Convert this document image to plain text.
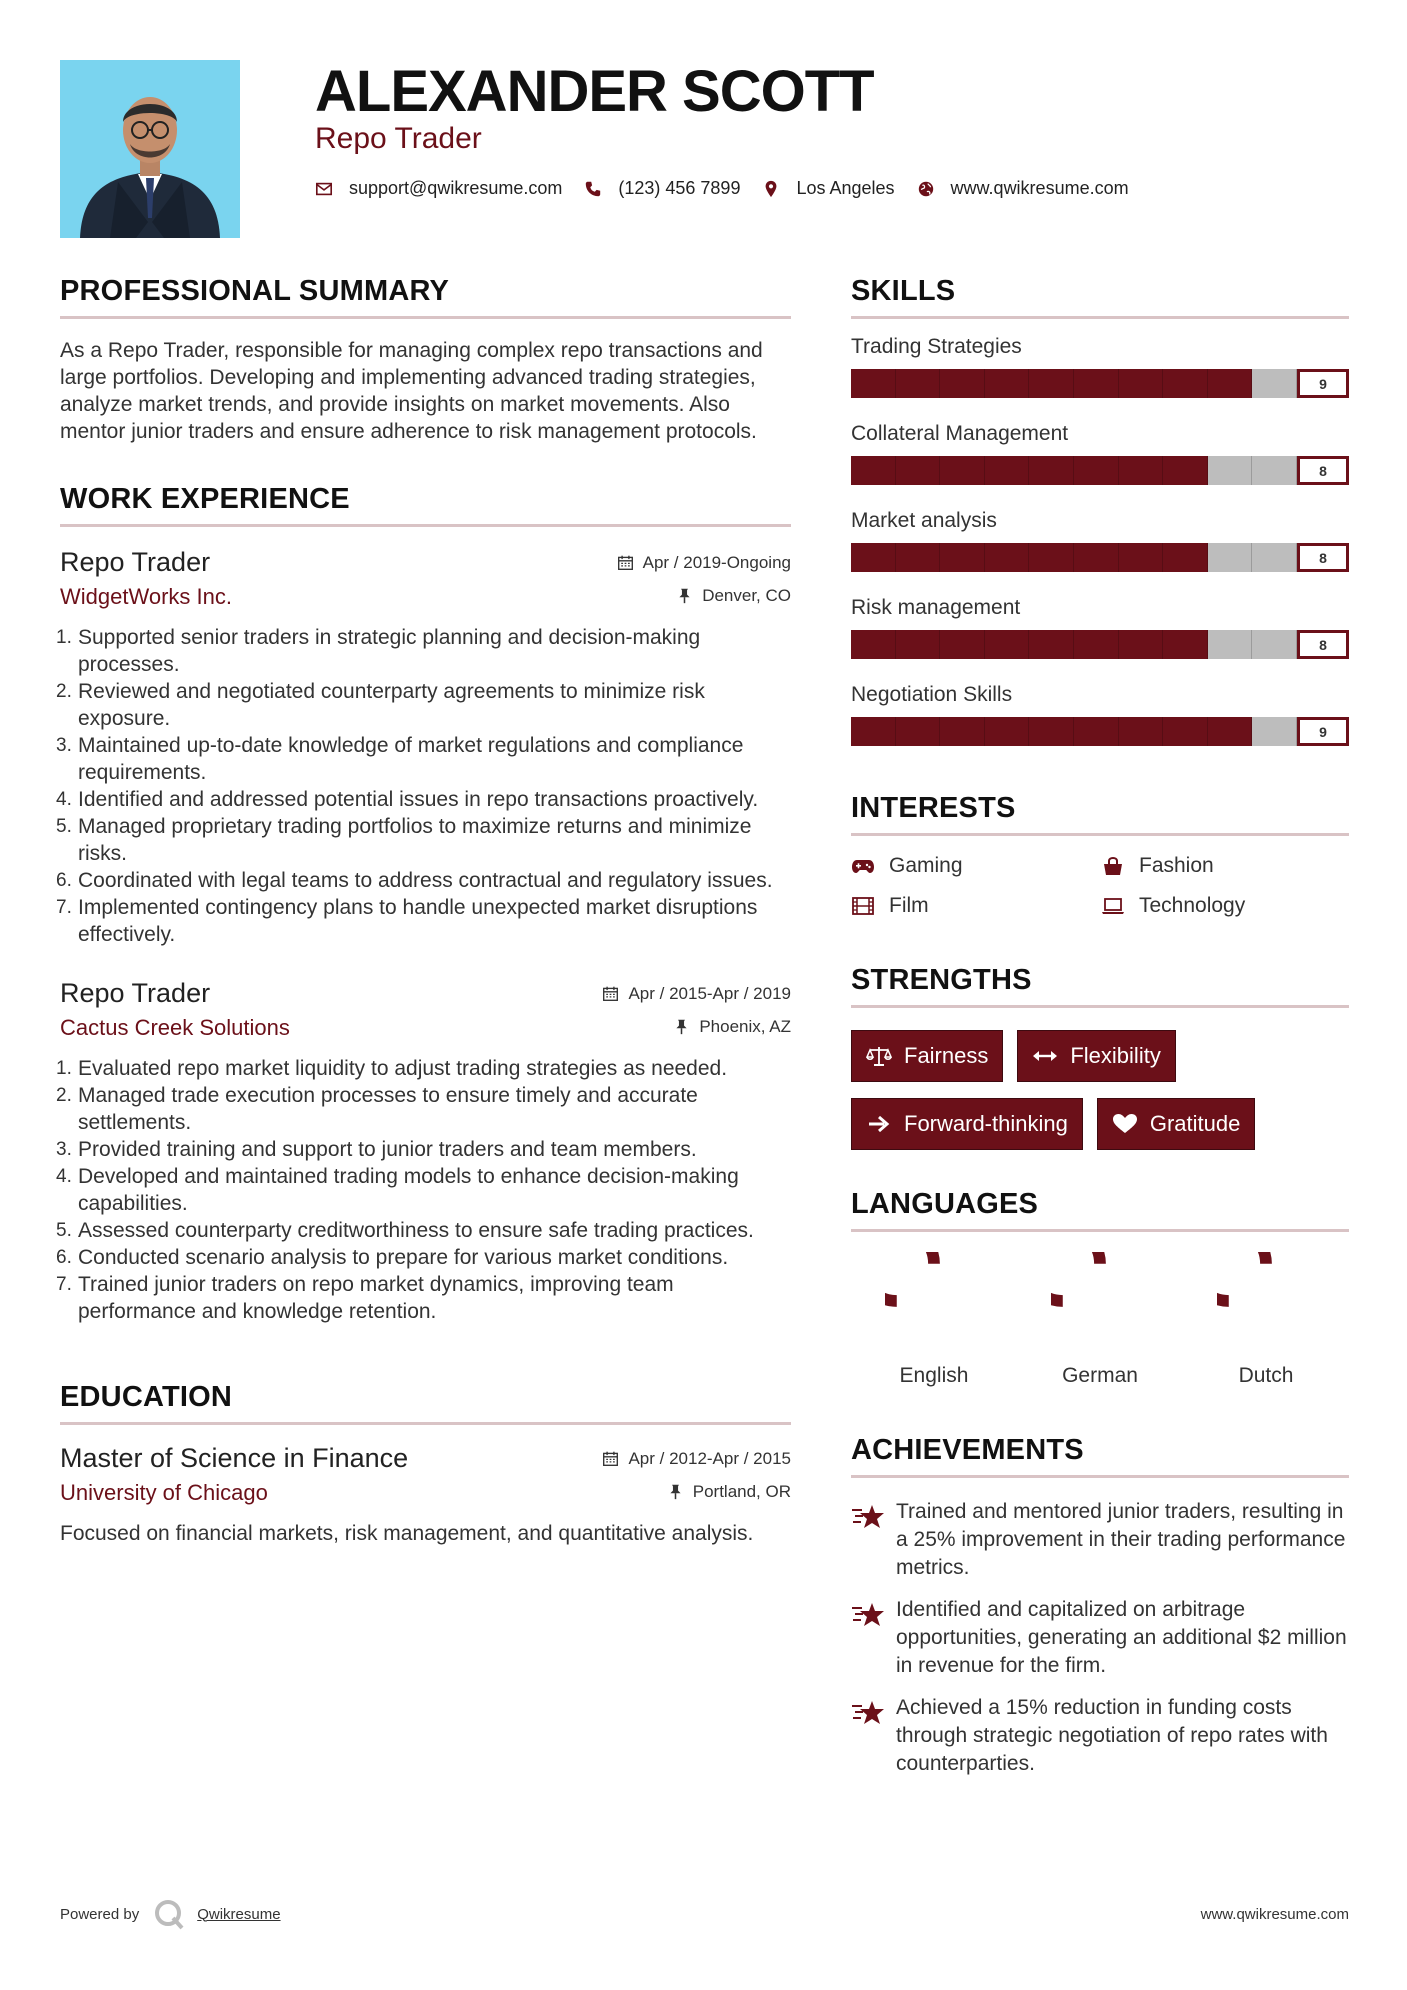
ALEXANDER SCOTT
Repo Trader
support@qwikresume.com	(123) 456 7899	Los Angeles	www.qwikresume.com
PROFESSIONAL SUMMARY

As a Repo Trader, responsible for managing complex repo transactions and large portfolios. Developing and implementing advanced trading strategies, analyze market trends, and provide insights on market movements. Also mentor junior traders and ensure adherence to risk management protocols.

WORK EXPERIENCE
Repo Trader	Apr / 2019-Ongoing
WidgetWorks Inc.	Denver, CO
1. Supported senior traders in strategic planning and decision-making processes.
2. Reviewed and negotiated counterparty agreements to minimize risk exposure.
3. Maintained up-to-date knowledge of market regulations and compliance requirements.
4. Identified and addressed potential issues in repo transactions proactively.
5. Managed proprietary trading portfolios to maximize returns and minimize risks.
6. Coordinated with legal teams to address contractual and regulatory issues.
7. Implemented contingency plans to handle unexpected market disruptions effectively.
Repo Trader	Apr / 2015-Apr / 2019
Cactus Creek Solutions	Phoenix, AZ
1. Evaluated repo market liquidity to adjust trading strategies as needed.
2. Managed trade execution processes to ensure timely and accurate settlements.
3. Provided training and support to junior traders and team members.
4. Developed and maintained trading models to enhance decision-making capabilities.
5. Assessed counterparty creditworthiness to ensure safe trading practices.
6. Conducted scenario analysis to prepare for various market conditions.
7. Trained junior traders on repo market dynamics, improving team performance and knowledge retention.
EDUCATION
Master of Science in Finance	Apr / 2012-Apr / 2015
University of Chicago	Portland, OR

Focused on financial markets, risk management, and quantitative analysis.

SKILLS
Trading Strategies
9
Collateral Management
8
Market analysis
8
Risk management
8
Negotiation Skills
9
INTERESTS
Gaming	Fashion
Film	Technology
STRENGTHS
Fairness	Flexibility
Forward-thinking	Gratitude
LANGUAGES
English	German	Dutch
ACHIEVEMENTS
Trained and mentored junior traders, resulting in a 25% improvement in their trading performance metrics.
Identified and capitalized on arbitrage opportunities, generating an additional $2 million in revenue for the firm.
Achieved a 15% reduction in funding costs through strategic negotiation of repo rates with counterparties.
Powered by	Qwikresume	www.qwikresume.com
